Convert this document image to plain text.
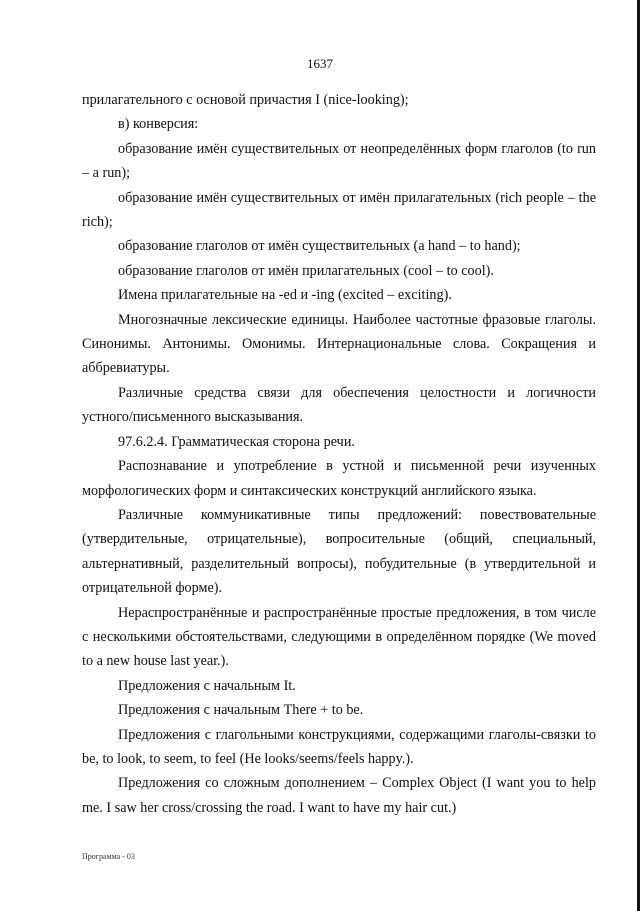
1637

прилагательного с основой причастия I (nice-looking);

в) конверсия:

образование имён существительных от неопределённых форм глаголов (to run – a run);

образование имён существительных от имён прилагательных (rich people – the rich);

образование глаголов от имён существительных (a hand – to hand);

образование глаголов от имён прилагательных (cool – to cool).

Имена прилагательные на -ed и -ing (excited – exciting).

Многозначные лексические единицы. Наиболее частотные фразовые глаголы. Синонимы. Антонимы. Омонимы. Интернациональные слова. Сокращения и аббревиатуры.

Различные средства связи для обеспечения целостности и логичности устного/письменного высказывания.

97.6.2.4. Грамматическая сторона речи.

Распознавание и употребление в устной и письменной речи изученных морфологических форм и синтаксических конструкций английского языка.

Различные коммуникативные типы предложений: повествовательные (утвердительные, отрицательные), вопросительные (общий, специальный, альтернативный, разделительный вопросы), побудительные (в утвердительной и отрицательной форме).

Нераспространённые и распространённые простые предложения, в том числе с несколькими обстоятельствами, следующими в определённом порядке (We moved to a new house last year.).

Предложения с начальным It.

Предложения с начальным There + to be.

Предложения с глагольными конструкциями, содержащими глаголы-связки to be, to look, to seem, to feel (He looks/seems/feels happy.).

Предложения со сложным дополнением – Complex Object (I want you to help me. I saw her cross/crossing the road. I want to have my hair cut.)

Программа - 03
